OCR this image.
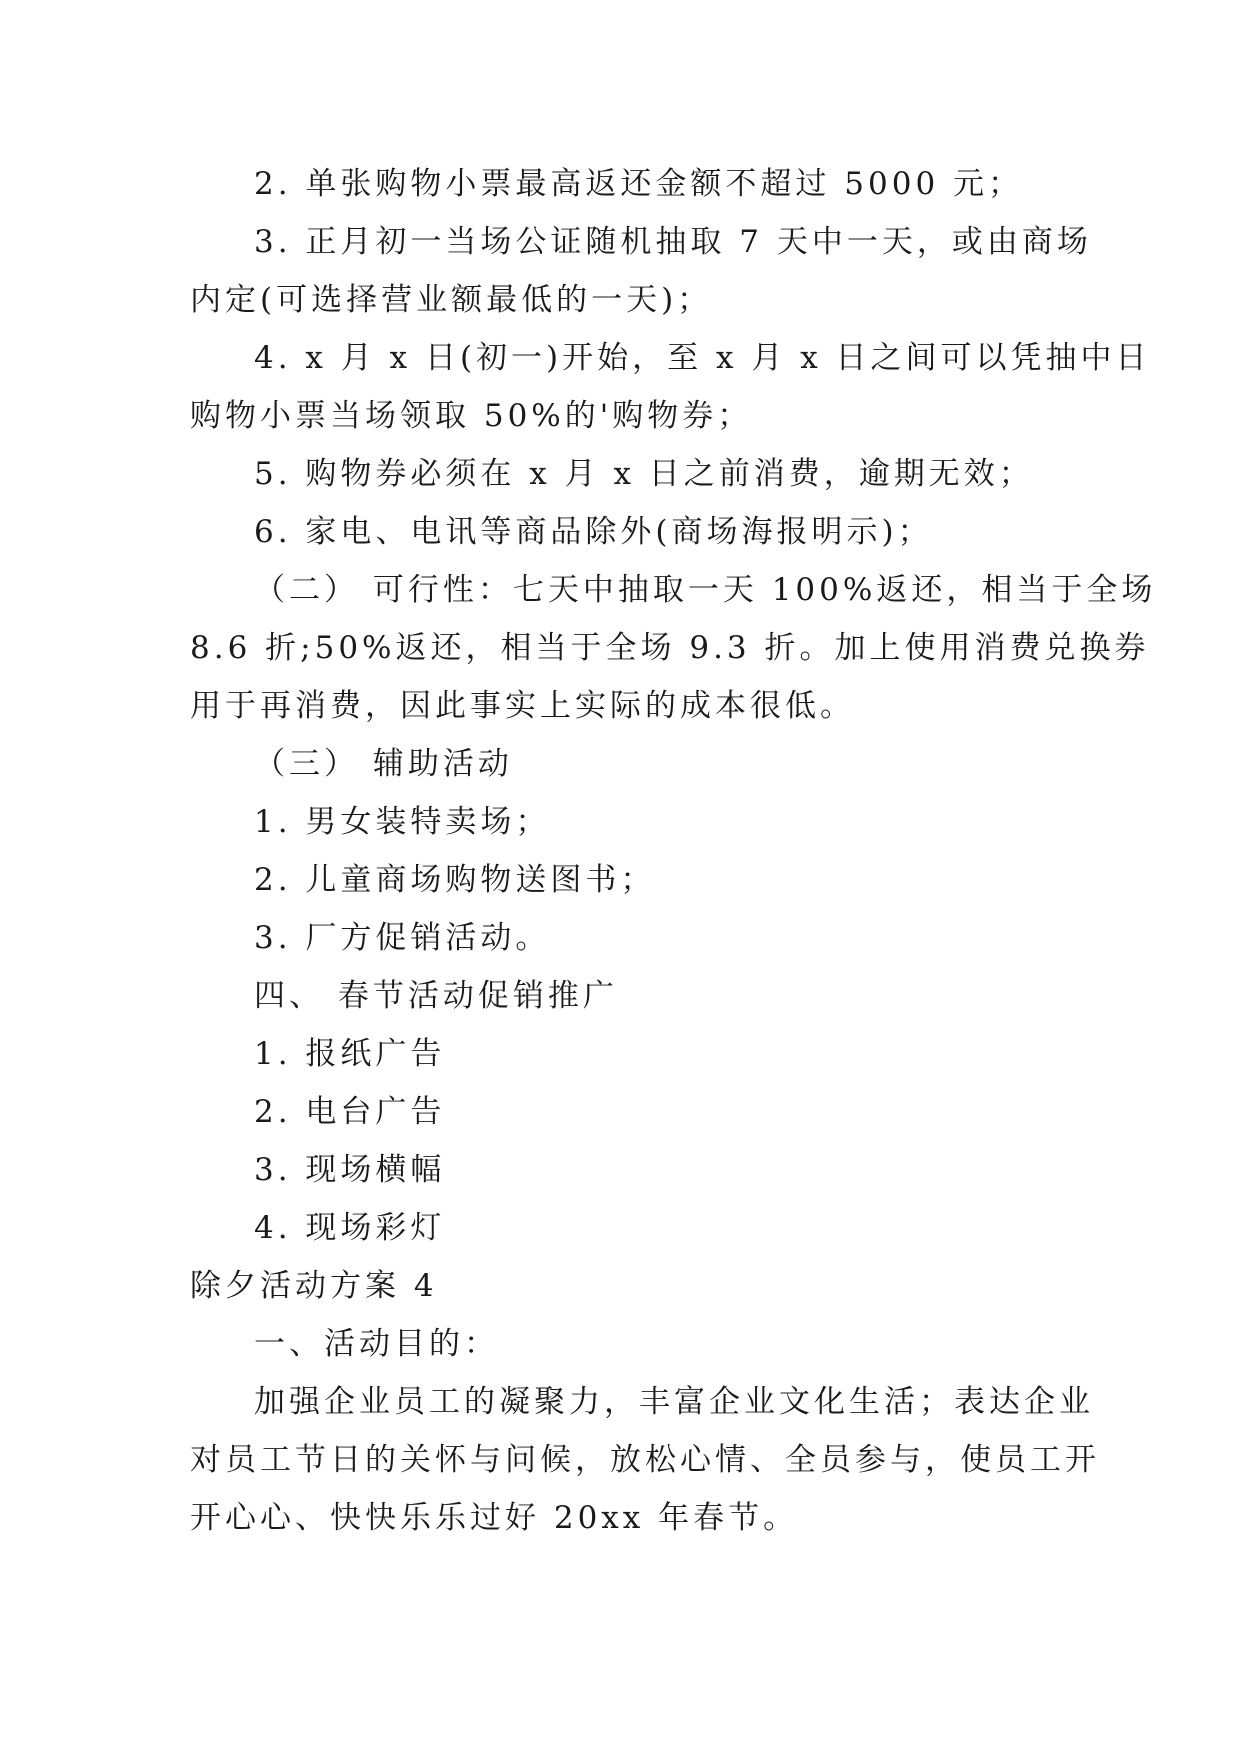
2. 单张购物小票最高返还金额不超过 5000 元；
3. 正月初一当场公证随机抽取 7 天中一天，或由商场
内定(可选择营业额最低的一天)；
4. x 月 x 日(初一)开始，至 x 月 x 日之间可以凭抽中日
购物小票当场领取 50%的'购物券；
5. 购物券必须在 x 月 x 日之前消费，逾期无效；
6. 家电、电讯等商品除外(商场海报明示)；
（二） 可行性：七天中抽取一天 100%返还，相当于全场
8.6 折;50%返还，相当于全场 9.3 折。加上使用消费兑换券
用于再消费，因此事实上实际的成本很低。
（三） 辅助活动
1. 男女装特卖场；
2. 儿童商场购物送图书；
3. 厂方促销活动。
四、 春节活动促销推广
1. 报纸广告
2. 电台广告
3. 现场横幅
4. 现场彩灯
除夕活动方案 4
一、活动目的：
加强企业员工的凝聚力，丰富企业文化生活；表达企业
对员工节日的关怀与问候，放松心情、全员参与，使员工开
开心心、快快乐乐过好 20xx 年春节。
